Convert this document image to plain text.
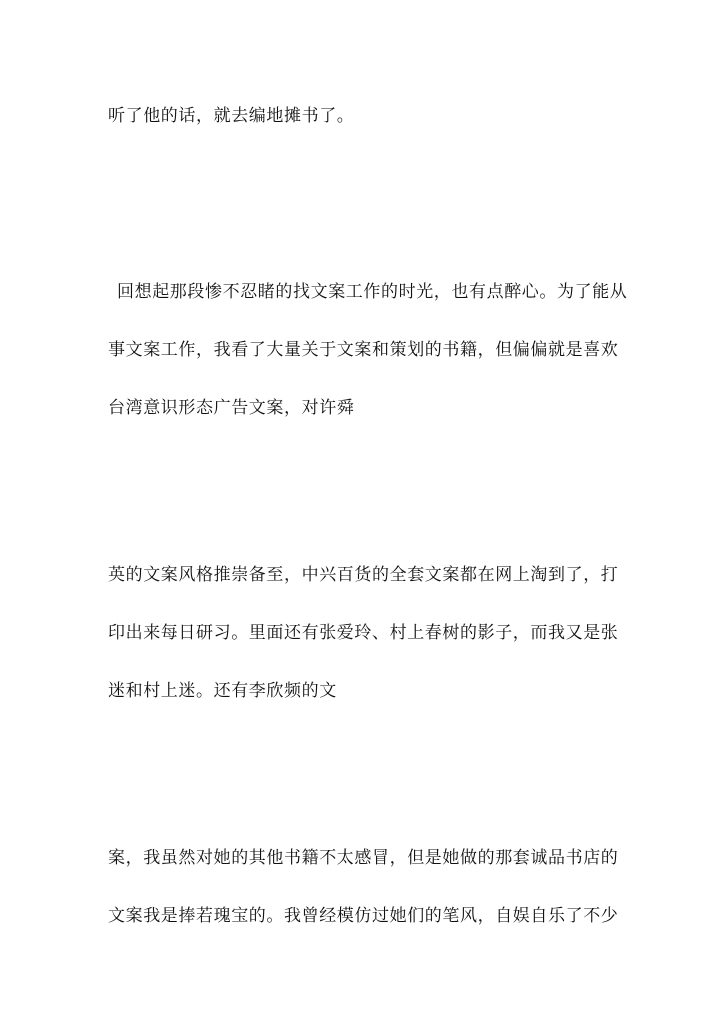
听了他的话，就去编地摊书了。
回想起那段惨不忍睹的找文案工作的时光，也有点醉心。为了能从
事文案工作，我看了大量关于文案和策划的书籍，但偏偏就是喜欢
台湾意识形态广告文案，对许舜
英的文案风格推崇备至，中兴百货的全套文案都在网上淘到了，打
印出来每日研习。里面还有张爱玲、村上春树的影子，而我又是张
迷和村上迷。还有李欣频的文
案，我虽然对她的其他书籍不太感冒，但是她做的那套诚品书店的
文案我是捧若瑰宝的。我曾经模仿过她们的笔风，自娱自乐了不少
